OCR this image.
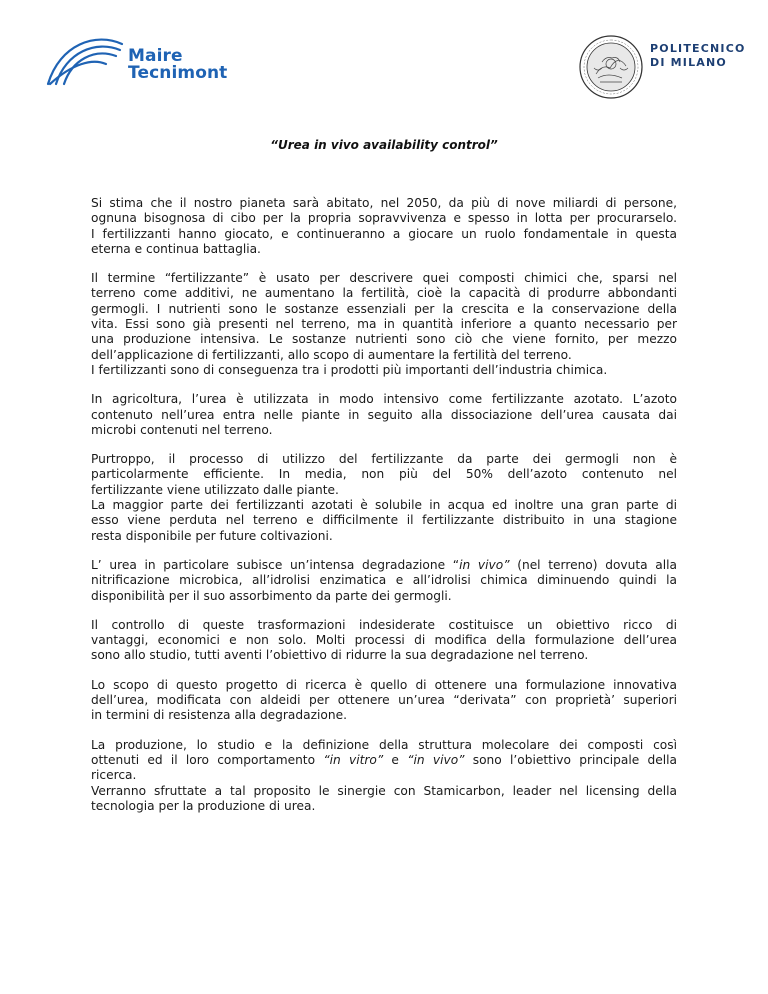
Maire
Tecnimont
POLITECNICO
DI MILANO
“Urea in vivo availability control”
Si stima che il nostro pianeta sarà abitato, nel 2050, da più di nove miliardi di persone,
ognuna bisognosa di cibo per la propria sopravvivenza e spesso in lotta per procurarselo.
I fertilizzanti hanno giocato, e continueranno a giocare un ruolo fondamentale in questa
eterna e continua battaglia.
Il termine “fertilizzante” è usato per descrivere quei composti chimici che, sparsi nel
terreno come additivi, ne aumentano la fertilità, cioè la capacità di produrre abbondanti
germogli. I nutrienti sono le sostanze essenziali per la crescita e la conservazione della
vita. Essi sono già presenti nel terreno, ma in quantità inferiore a quanto necessario per
una produzione intensiva. Le sostanze nutrienti sono ciò che viene fornito, per mezzo
dell’applicazione di fertilizzanti, allo scopo di aumentare la fertilità del terreno.
I fertilizzanti sono di conseguenza tra i prodotti più importanti dell’industria chimica.
In agricoltura, l’urea è utilizzata in modo intensivo come fertilizzante azotato. L’azoto
contenuto nell’urea entra nelle piante in seguito alla dissociazione dell’urea causata dai
microbi contenuti nel terreno.
Purtroppo, il processo di utilizzo del fertilizzante da parte dei germogli non è
particolarmente efficiente. In media, non più del 50% dell’azoto contenuto nel
fertilizzante viene utilizzato dalle piante.
La maggior parte dei fertilizzanti azotati è solubile in acqua ed inoltre una gran parte di
esso viene perduta nel terreno e difficilmente il fertilizzante distribuito in una stagione
resta disponibile per future coltivazioni.
L’ urea in particolare subisce un’intensa degradazione “in vivo” (nel terreno) dovuta alla
nitrificazione microbica, all’idrolisi enzimatica e all’idrolisi chimica diminuendo quindi la
disponibilità per il suo assorbimento da parte dei germogli.
Il controllo di queste trasformazioni indesiderate costituisce un obiettivo ricco di
vantaggi, economici e non solo. Molti processi di modifica della formulazione dell’urea
sono allo studio, tutti aventi l’obiettivo di ridurre la sua degradazione nel terreno.
Lo scopo di questo progetto di ricerca è quello di ottenere una formulazione innovativa
dell’urea, modificata con aldeidi per ottenere un’urea “derivata” con proprietà’ superiori
in termini di resistenza alla degradazione.
La produzione, lo studio e la definizione della struttura molecolare dei composti così
ottenuti ed il loro comportamento “in vitro” e “in vivo” sono l’obiettivo principale della
ricerca.
Verranno sfruttate a tal proposito le sinergie con Stamicarbon, leader nel licensing della
tecnologia per la produzione di urea.
